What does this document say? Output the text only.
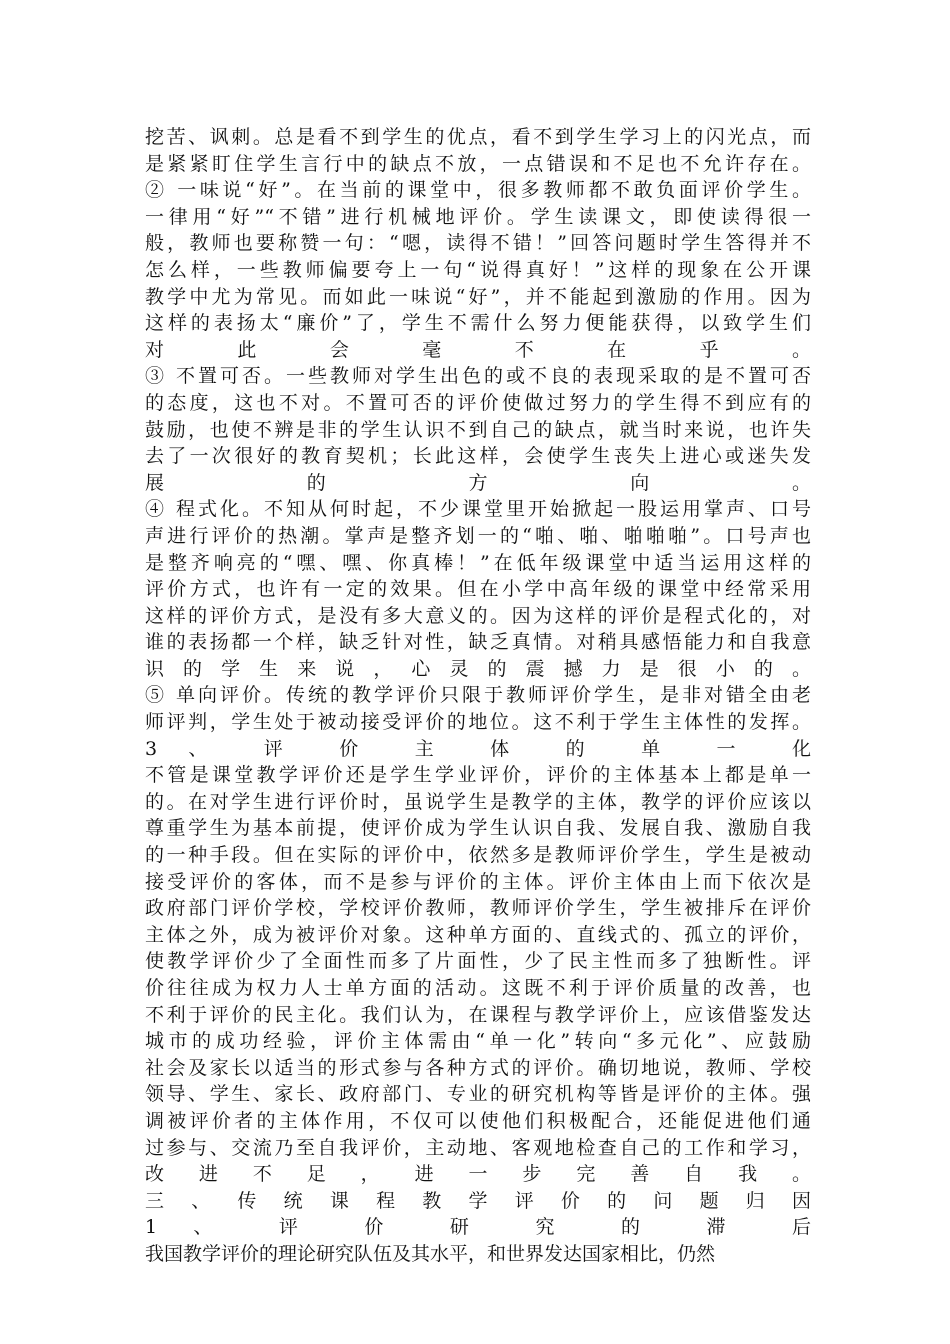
挖苦、讽刺。总是看不到学生的优点，看不到学生学习上的闪光点，而
是紧紧盯住学生言行中的缺点不放，一点错误和不足也不允许存在。
② 一味说“好”。在当前的课堂中，很多教师都不敢负面评价学生。
一律用“好”“不错”进行机械地评价。学生读课文，即使读得很一
般，教师也要称赞一句：“嗯，读得不错！”回答问题时学生答得并不
怎么样，一些教师偏要夸上一句“说得真好！”这样的现象在公开课
教学中尤为常见。而如此一味说“好”，并不能起到激励的作用。因为
这样的表扬太“廉价”了，学生不需什么努力便能获得，以致学生们
对 此 会 毫 不 在 乎 。
③ 不置可否。一些教师对学生出色的或不良的表现采取的是不置可否
的态度，这也不对。不置可否的评价使做过努力的学生得不到应有的
鼓励，也使不辨是非的学生认识不到自己的缺点，就当时来说，也许失
去了一次很好的教育契机；长此这样，会使学生丧失上进心或迷失发
展 的 方 向 。
④ 程式化。不知从何时起，不少课堂里开始掀起一股运用掌声、口号
声进行评价的热潮。掌声是整齐划一的“啪、啪、啪啪啪”。口号声也
是整齐响亮的“嘿、嘿、你真棒！”在低年级课堂中适当运用这样的
评价方式，也许有一定的效果。但在小学中高年级的课堂中经常采用
这样的评价方式，是没有多大意义的。因为这样的评价是程式化的，对
谁的表扬都一个样，缺乏针对性，缺乏真情。对稍具感悟能力和自我意
识 的 学 生 来 说 ， 心 灵 的 震 撼 力 是 很 小 的 。
⑤ 单向评价。传统的教学评价只限于教师评价学生，是非对错全由老
师评判，学生处于被动接受评价的地位。这不利于学生主体性的发挥。
3 、 评 价 主 体 的 单 一 化
不管是课堂教学评价还是学生学业评价，评价的主体基本上都是单一
的。在对学生进行评价时，虽说学生是教学的主体，教学的评价应该以
尊重学生为基本前提，使评价成为学生认识自我、发展自我、激励自我
的一种手段。但在实际的评价中，依然多是教师评价学生，学生是被动
接受评价的客体，而不是参与评价的主体。评价主体由上而下依次是
政府部门评价学校，学校评价教师，教师评价学生，学生被排斥在评价
主体之外，成为被评价对象。这种单方面的、直线式的、孤立的评价，
使教学评价少了全面性而多了片面性，少了民主性而多了独断性。评
价往往成为权力人士单方面的活动。这既不利于评价质量的改善，也
不利于评价的民主化。我们认为，在课程与教学评价上，应该借鉴发达
城市的成功经验，评价主体需由“单一化”转向“多元化”、应鼓励
社会及家长以适当的形式参与各种方式的评价。确切地说，教师、学校
领导、学生、家长、政府部门、专业的研究机构等皆是评价的主体。强
调被评价者的主体作用，不仅可以使他们积极配合，还能促进他们通
过参与、交流乃至自我评价，主动地、客观地检查自己的工作和学习，
改 进 不 足 ， 进 一 步 完 善 自 我 。
三 、 传 统 课 程 教 学 评 价 的 问 题 归 因
1 、 评 价 研 究 的 滞 后
我国教学评价的理论研究队伍及其水平，和世界发达国家相比，仍然
